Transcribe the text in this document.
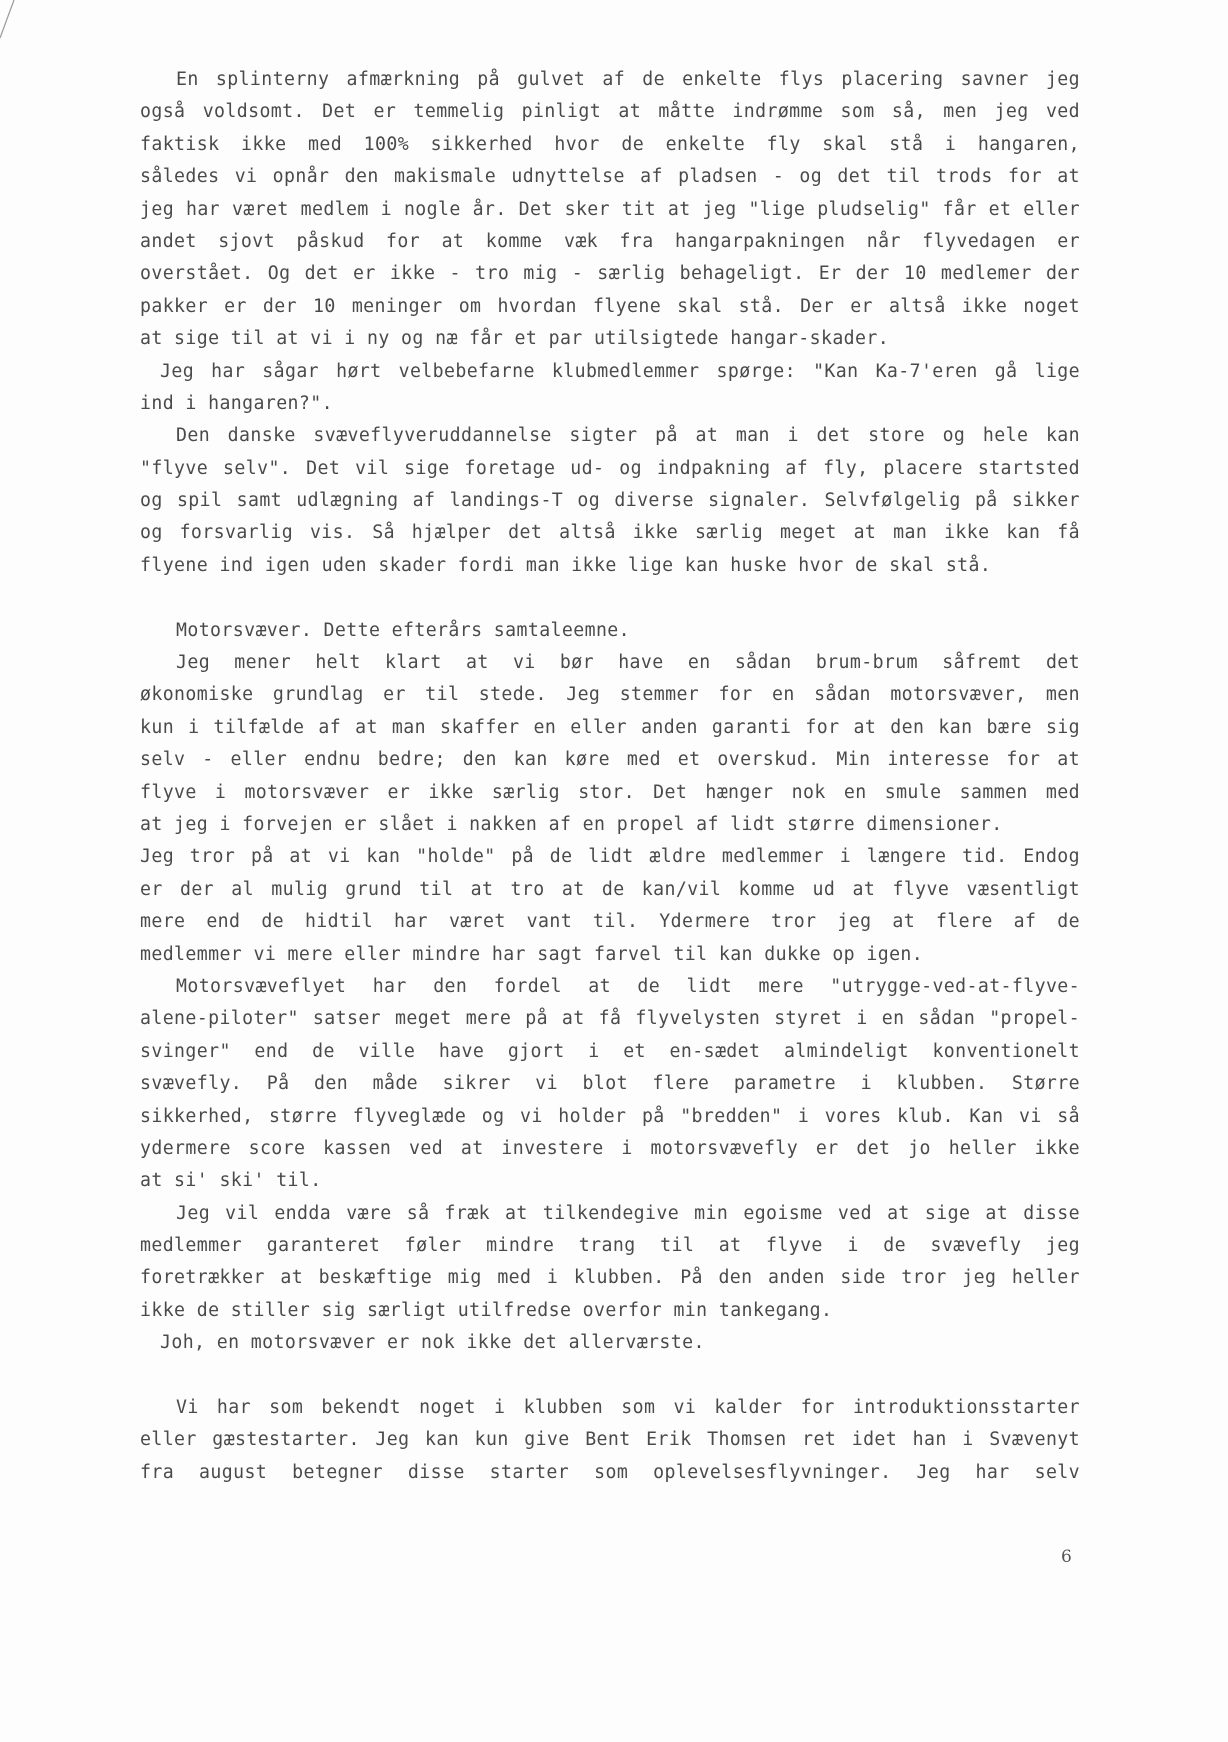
En splinterny afmærkning på gulvet af de enkelte flys placering savner jeg
også voldsomt. Det er temmelig pinligt at måtte indrømme som så, men jeg ved
faktisk ikke med 100% sikkerhed hvor de enkelte fly skal stå i hangaren,
således vi opnår den makismale udnyttelse af pladsen - og det til trods for at
jeg har været medlem i nogle år. Det sker tit at jeg "lige pludselig" får et eller
andet sjovt påskud for at komme væk fra hangarpakningen når flyvedagen er
overstået. Og det er ikke - tro mig - særlig behageligt. Er der 10 medlemer der
pakker er der 10 meninger om hvordan flyene skal stå. Der er altså ikke noget
at sige til at vi i ny og næ får et par utilsigtede hangar-skader.
Jeg har sågar hørt velbebefarne klubmedlemmer spørge: "Kan Ka-7'eren gå lige
ind i hangaren?".
Den danske svæveflyveruddannelse sigter på at man i det store og hele kan
"flyve selv". Det vil sige foretage ud- og indpakning af fly, placere startsted
og spil samt udlægning af landings-T og diverse signaler. Selvfølgelig på sikker
og forsvarlig vis. Så hjælper det altså ikke særlig meget at man ikke kan få
flyene ind igen uden skader fordi man ikke lige kan huske hvor de skal stå.
Motorsvæver. Dette efterårs samtaleemne.
Jeg mener helt klart at vi bør have en sådan brum-brum såfremt det
økonomiske grundlag er til stede. Jeg stemmer for en sådan motorsvæver, men
kun i tilfælde af at man skaffer en eller anden garanti for at den kan bære sig
selv - eller endnu bedre; den kan køre med et overskud. Min interesse for at
flyve i motorsvæver er ikke særlig stor. Det hænger nok en smule sammen med
at jeg i forvejen er slået i nakken af en propel af lidt større dimensioner.
Jeg tror på at vi kan "holde" på de lidt ældre medlemmer i længere tid. Endog
er der al mulig grund til at tro at de kan/vil komme ud at flyve væsentligt
mere end de hidtil har været vant til. Ydermere tror jeg at flere af de
medlemmer vi mere eller mindre har sagt farvel til kan dukke op igen.
Motorsvæveflyet har den fordel at de lidt mere "utrygge-ved-at-flyve-
alene-piloter" satser meget mere på at få flyvelysten styret i en sådan "propel-
svinger" end de ville have gjort i et en-sædet almindeligt konventionelt
svævefly. På den måde sikrer vi blot flere parametre i klubben. Større
sikkerhed, større flyveglæde og vi holder på "bredden" i vores klub. Kan vi så
ydermere score kassen ved at investere i motorsvævefly er det jo heller ikke
at si' ski' til.
Jeg vil endda være så fræk at tilkendegive min egoisme ved at sige at disse
medlemmer garanteret føler mindre trang til at flyve i de svævefly jeg
foretrækker at beskæftige mig med i klubben. På den anden side tror jeg heller
ikke de stiller sig særligt utilfredse overfor min tankegang.
Joh, en motorsvæver er nok ikke det allerværste.
Vi har som bekendt noget i klubben som vi kalder for introduktionsstarter
eller gæstestarter. Jeg kan kun give Bent Erik Thomsen ret idet han i Svævenyt
fra august betegner disse starter som oplevelsesflyvninger. Jeg har selv
6
